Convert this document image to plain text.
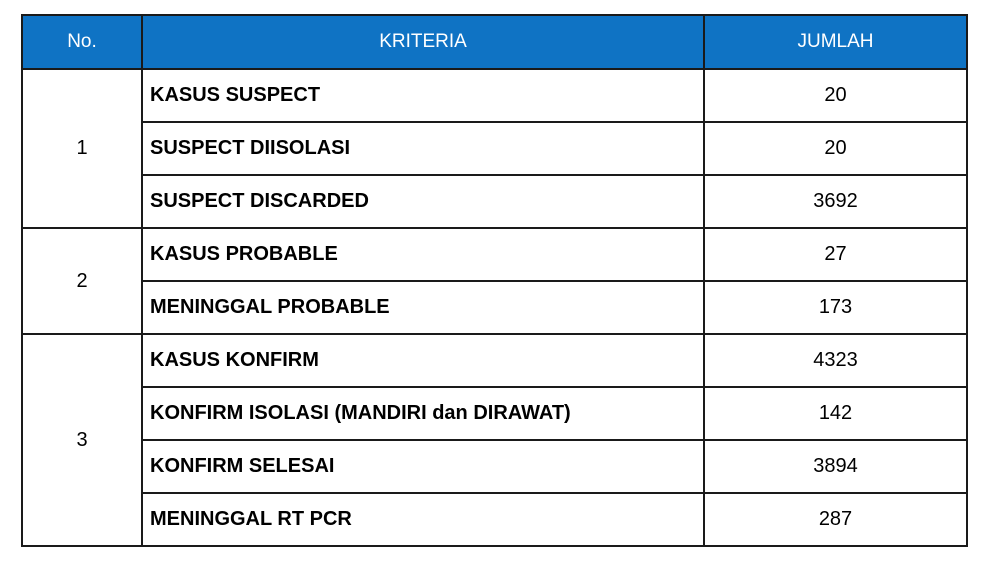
No.	KRITERIA	JUMLAH
1	KASUS SUSPECT	20
	SUSPECT DIISOLASI	20
	SUSPECT DISCARDED	3692
2	KASUS PROBABLE	27
	MENINGGAL PROBABLE	173
3	KASUS KONFIRM	4323
	KONFIRM ISOLASI (MANDIRI dan DIRAWAT)	142
	KONFIRM SELESAI	3894
	MENINGGAL RT PCR	287
